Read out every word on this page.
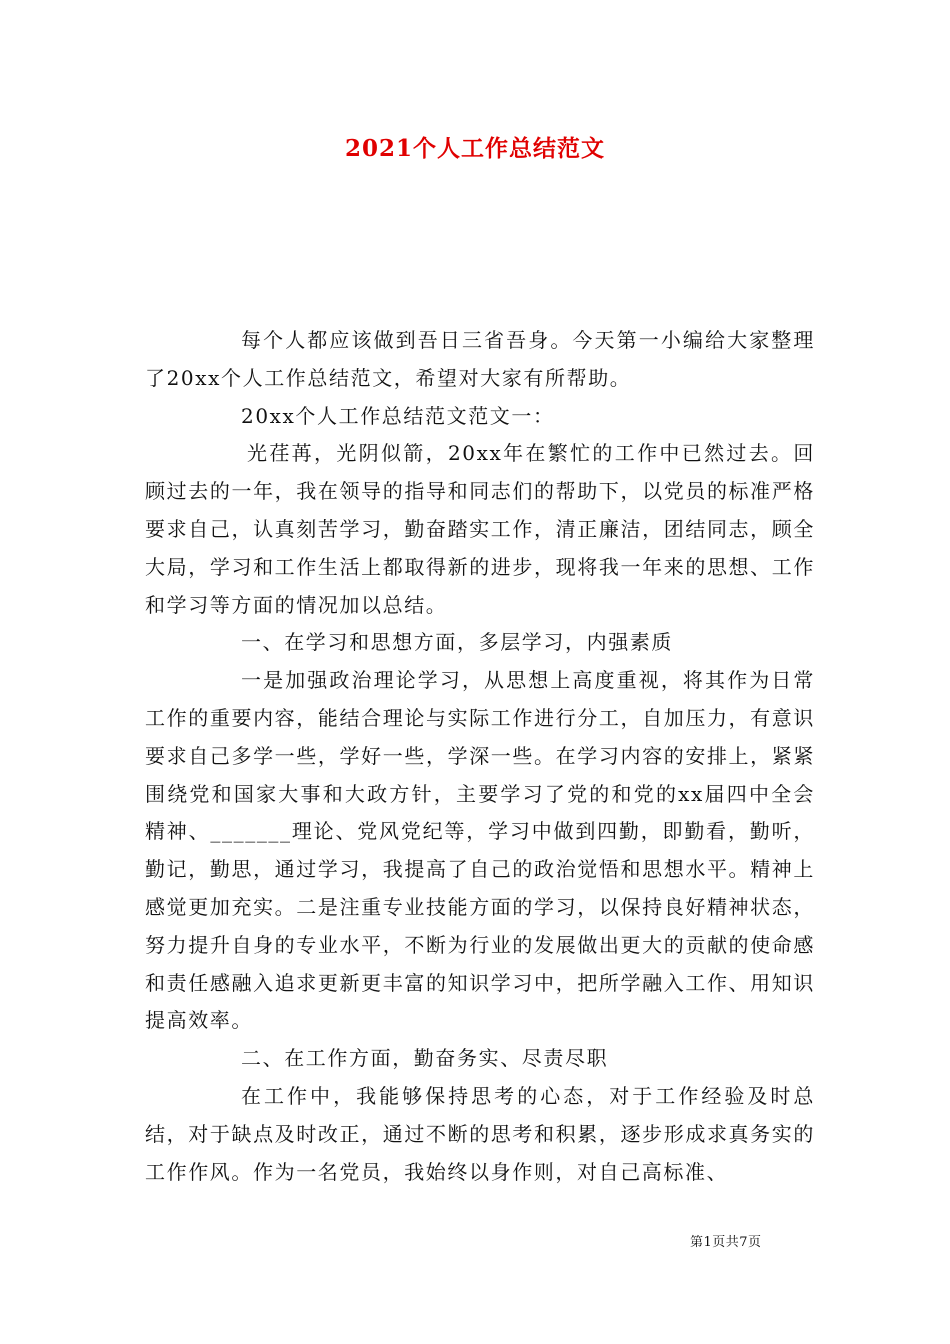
2021个人工作总结范文

每个人都应该做到吾日三省吾身。今天第一小编给大家整理了20xx个人工作总结范文，希望对大家有所帮助。

20xx个人工作总结范文范文一：

光荏苒，光阴似箭，20xx年在繁忙的工作中已然过去。回顾过去的一年，我在领导的指导和同志们的帮助下，以党员的标准严格要求自己，认真刻苦学习，勤奋踏实工作，清正廉洁，团结同志，顾全大局，学习和工作生活上都取得新的进步，现将我一年来的思想、工作和学习等方面的情况加以总结。

一、在学习和思想方面，多层学习，内强素质

一是加强政治理论学习，从思想上高度重视，将其作为日常工作的重要内容，能结合理论与实际工作进行分工，自加压力，有意识要求自己多学一些，学好一些，学深一些。在学习内容的安排上，紧紧围绕党和国家大事和大政方针，主要学习了党的和党的xx届四中全会精神、_______理论、党风党纪等，学习中做到四勤，即勤看，勤听，勤记，勤思，通过学习，我提高了自己的政治觉悟和思想水平。精神上感觉更加充实。二是注重专业技能方面的学习，以保持良好精神状态，努力提升自身的专业水平，不断为行业的发展做出更大的贡献的使命感和责任感融入追求更新更丰富的知识学习中，把所学融入工作、用知识提高效率。

二、在工作方面，勤奋务实、尽责尽职

在工作中，我能够保持思考的心态，对于工作经验及时总结，对于缺点及时改正，通过不断的思考和积累，逐步形成求真务实的工作作风。作为一名党员，我始终以身作则，对自己高标准、

第1页共7页
